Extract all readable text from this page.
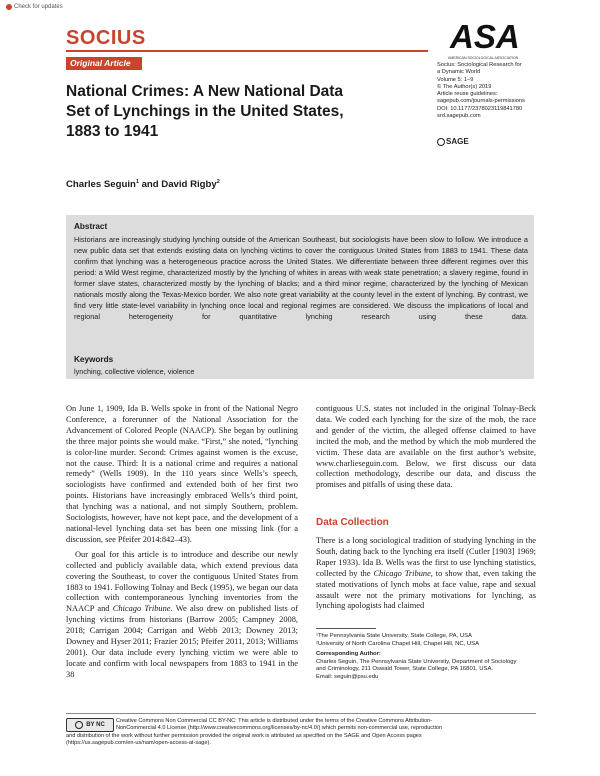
Check for updates
SOCIUS
Original Article
National Crimes: A New National Data
Set of Lynchings in the United States,
1883 to 1941
ASA
AMERICAN SOCIOLOGICAL ASSOCIATION
Socius: Sociological Research for
a Dynamic World
Volume 5: 1–9
© The Author(s) 2019
Article reuse guidelines:
sagepub.com/journals-permissions
DOI: 10.1177/2378023119841780
srd.sagepub.com
SAGE
Charles Seguin$^1$ and David Rigby$^2$
Abstract
Historians are increasingly studying lynching outside of the American Southeast, but sociologists have been slow to follow. We introduce a new public data set that extends existing data on lynching victims to cover the contiguous United States from 1883 to 1941. These data confirm that lynching was a heterogeneous practice across the United States. We differentiate between three different regimes over this period: a Wild West regime, characterized mostly by the lynching of whites in areas with weak state penetration; a slavery regime, found in former slave states, characterized mostly by the lynching of blacks; and a third minor regime, characterized by the lynching of Mexican nationals mostly along the Texas-Mexico border. We also note great variability at the county level in the extent of lynching. By contrast, we find very little state-level variability in lynching once local and regional regimes are considered. We discuss the implications of local and regional heterogeneity for quantitative lynching research using these data.
Keywords
lynching, collective violence, violence

On June 1, 1909, Ida B. Wells spoke in front of the National Negro Conference, a forerunner of the National Association for the Advancement of Colored People (NAACP). She began by outlining the three major points she would make. “First,” she noted, “lynching is color-line murder. Second: Crimes against women is the excuse, not the cause. Third: It is a national crime and requires a national remedy” (Wells 1909). In the 110 years since Wells’s speech, sociologists have confirmed and extended both of her first two points. Historians have increasingly embraced Wells’s third point, that lynching was a national, and not simply Southern, problem. Sociologists, however, have not kept pace, and the development of a national-level lynching data set has been one missing link (for a discussion, see Pfeifer 2014:842–43).

Our goal for this article is to introduce and describe our newly collected and publicly available data, which extend previous data covering the Southeast, to cover the contiguous United States from 1883 to 1941. Following Tolnay and Beck (1995), we began our data collection with contemporaneous lynching inventories from the NAACP and Chicago Tribune. We also drew on published lists of lynching victims from historians (Barrow 2005; Campney 2008, 2018; Carrigan 2004; Carrigan and Webb 2013; Downey 2013; Downey and Hyser 2011; Frazier 2015; Pfeifer 2011, 2013; Williams 2001). Our data include every lynching victim we were able to locate and confirm with local newspapers from 1883 to 1941 in the 38

contiguous U.S. states not included in the original Tolnay-Beck data. We coded each lynching for the size of the mob, the race and gender of the victim, the alleged offense claimed to have incited the mob, and the method by which the mob murdered the victim. These data are available on the first author’s website, www.charlieseguin.com. Below, we first discuss our data collection methodology, describe our data, and discuss the promises and pitfalls of using these data.

Data Collection

There is a long sociological tradition of studying lynching in the South, dating back to the lynching era itself (Cutler [1903] 1969; Raper 1933). Ida B. Wells was the first to use lynching statistics, collected by the Chicago Tribune, to show that, even taking the stated motivations of lynch mobs at face value, rape and sexual assault were not the primary motivations for lynching, as lynching apologists had claimed

¹The Pennsylvania State University, State College, PA, USA
²University of North Carolina Chapel Hill, Chapel Hill, NC, USA
Corresponding Author:
Charles Seguin, The Pennsylvania State University, Department of Sociology
and Criminology, 211 Oswald Tower, State College, PA 16801, USA.
Email: seguin@psu.edu
BY NC
Creative Commons Non Commercial CC BY-NC: This article is distributed under the terms of the Creative Commons Attribution-
NonCommercial 4.0 License (http://www.creativecommons.org/licenses/by-nc/4.0/) which permits non-commercial use, reproduction
and distribution of the work without further permission provided the original work is attributed as specified on the SAGE and Open Access pages
(https://us.sagepub.com/en-us/nam/open-access-at-sage).
